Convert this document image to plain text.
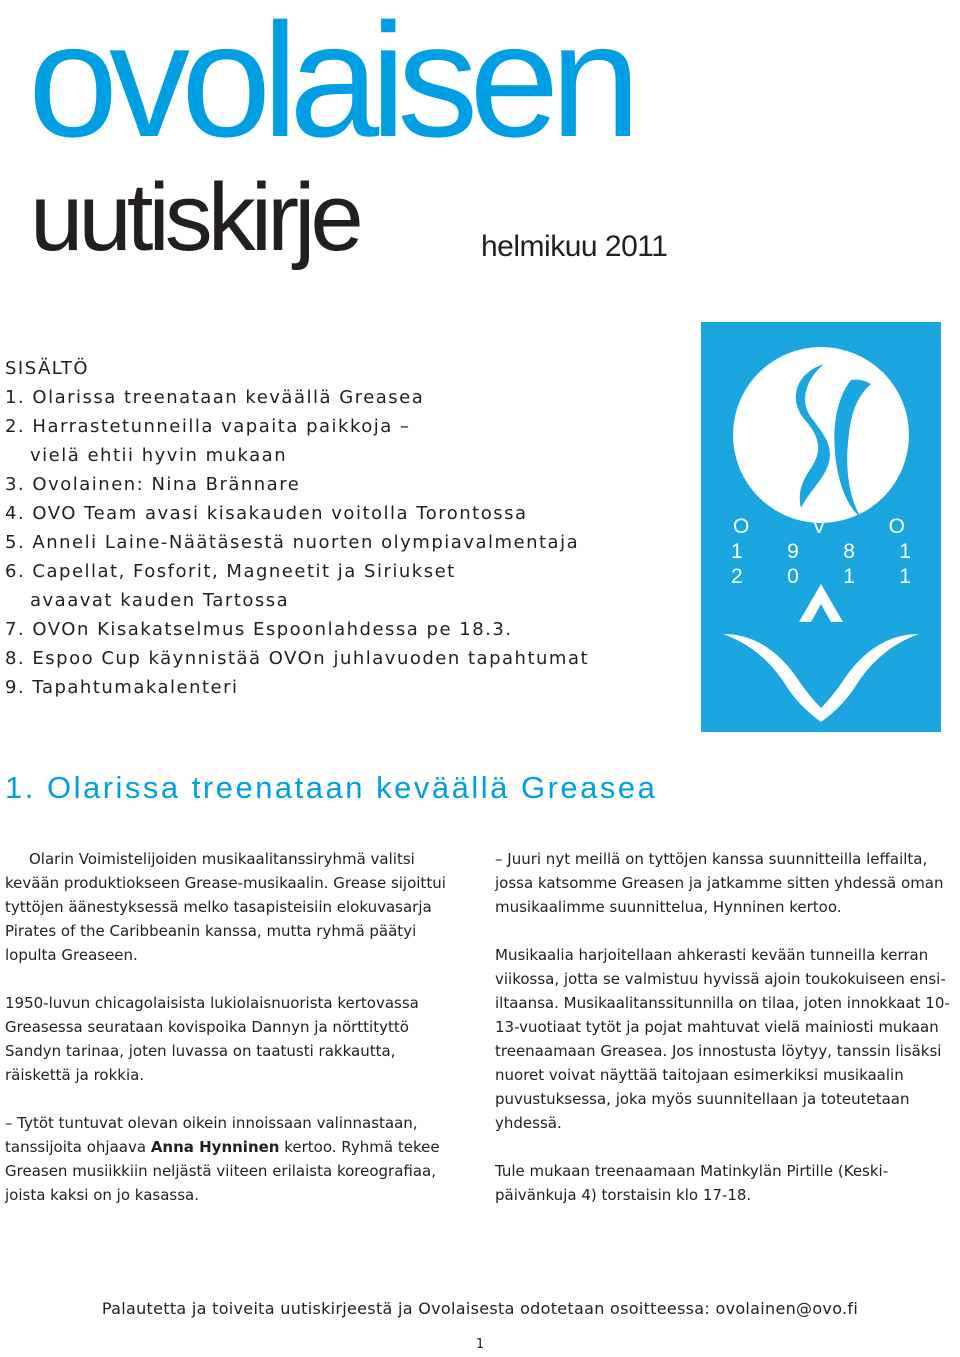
ovolaisen
uutiskirje	helmikuu 2011
SISÄLTÖ
1. Olarissa treenataan keväällä Greasea
2. Harrastetunneilla vapaita paikkoja –
vielä ehtii hyvin mukaan
3. Ovolainen: Nina Brännare
4. OVO Team avasi kisakauden voitolla Torontossa
5. Anneli Laine-Näätäsestä nuorten olympiavalmentaja
6. Capellat, Fosforit, Magneetit ja Siriukset
avaavat kauden Tartossa
7. OVOn Kisakatselmus Espoonlahdessa pe 18.3.
8. Espoo Cup käynnistää OVOn juhlavuoden tapahtumat
9. Tapahtumakalenteri
O	V	O
1 9 8 1
2 0 1 1
1. Olarissa treenataan keväällä Greasea

Olarin Voimistelijoiden musikaalitanssiryhmä valitsi kevään produktiokseen Grease-musikaalin. Grease sijoittui tyttöjen äänestyksessä melko tasapisteisiin elokuvasarja Pirates of the Caribbeanin kanssa, mutta ryhmä päätyi lopulta Greaseen.

1950-luvun chicagolaisista lukiolaisnuorista kertovassa Greasessa seurataan kovispoika Dannyn ja nörttityttö Sandyn tarinaa, joten luvassa on taatusti rakkautta, räiskettä ja rokkia.

– Tytöt tuntuvat olevan oikein innoissaan valinnastaan, tanssijoita ohjaava Anna Hynninen kertoo. Ryhmä tekee Greasen musiikkiin neljästä viiteen erilaista koreografiaa, joista kaksi on jo kasassa.

– Juuri nyt meillä on tyttöjen kanssa suunnitteilla leffailta, jossa katsomme Greasen ja jatkamme sitten yhdessä oman musikaalimme suunnittelua, Hynninen kertoo.

Musikaalia harjoitellaan ahkerasti kevään tunneilla kerran viikossa, jotta se valmistuu hyvissä ajoin toukokuiseen ensi-iltaansa. Musikaalitanssitunnilla on tilaa, joten innokkaat 10-13-vuotiaat tytöt ja pojat mahtuvat vielä mainiosti mukaan treenaamaan Greasea. Jos innostusta löytyy, tanssin lisäksi nuoret voivat näyttää taitojaan esimerkiksi musikaalin puvustuksessa, joka myös suunnitellaan ja toteutetaan yhdessä.

Tule mukaan treenaamaan Matinkylän Pirtille (Keskipäivänkuja 4) torstaisin klo 17-18.

Palautetta ja toiveita uutiskirjeestä ja Ovolaisesta odotetaan osoitteessa: ovolainen@ovo.fi
1
